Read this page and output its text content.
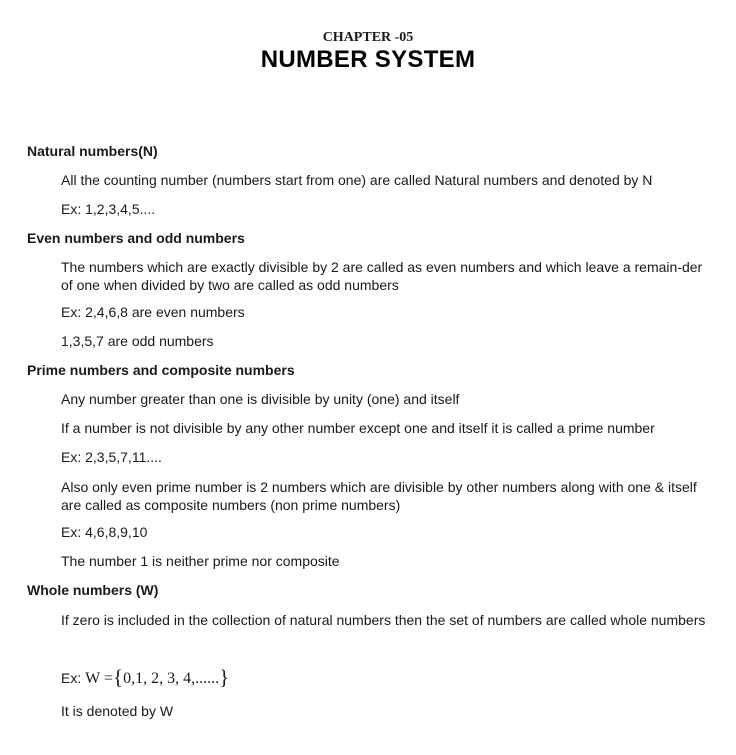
CHAPTER -05
NUMBER SYSTEM
Natural numbers(N)
All the counting number (numbers start from one) are called Natural numbers and denoted by N
Ex: 1,2,3,4,5....
Even numbers and odd numbers
The numbers which are exactly divisible by 2 are called as even numbers and which leave a remain-der of one when divided by two are called as odd numbers
Ex: 2,4,6,8 are even numbers
1,3,5,7 are odd numbers
Prime numbers and composite numbers
Any number greater than one is divisible by unity (one) and itself
If a number is not divisible by any other number except one and itself it is called a prime number
Ex: 2,3,5,7,11....
Also only even prime number is 2 numbers which are divisible by other numbers along with one & itself are called as composite numbers (non prime numbers)
Ex: 4,6,8,9,10
The number 1 is neither prime nor composite
Whole numbers (W)
If zero is included in the collection of natural numbers then the set of numbers are called whole numbers
Ex: W ={0,1, 2, 3, 4,......}
It is denoted by W
